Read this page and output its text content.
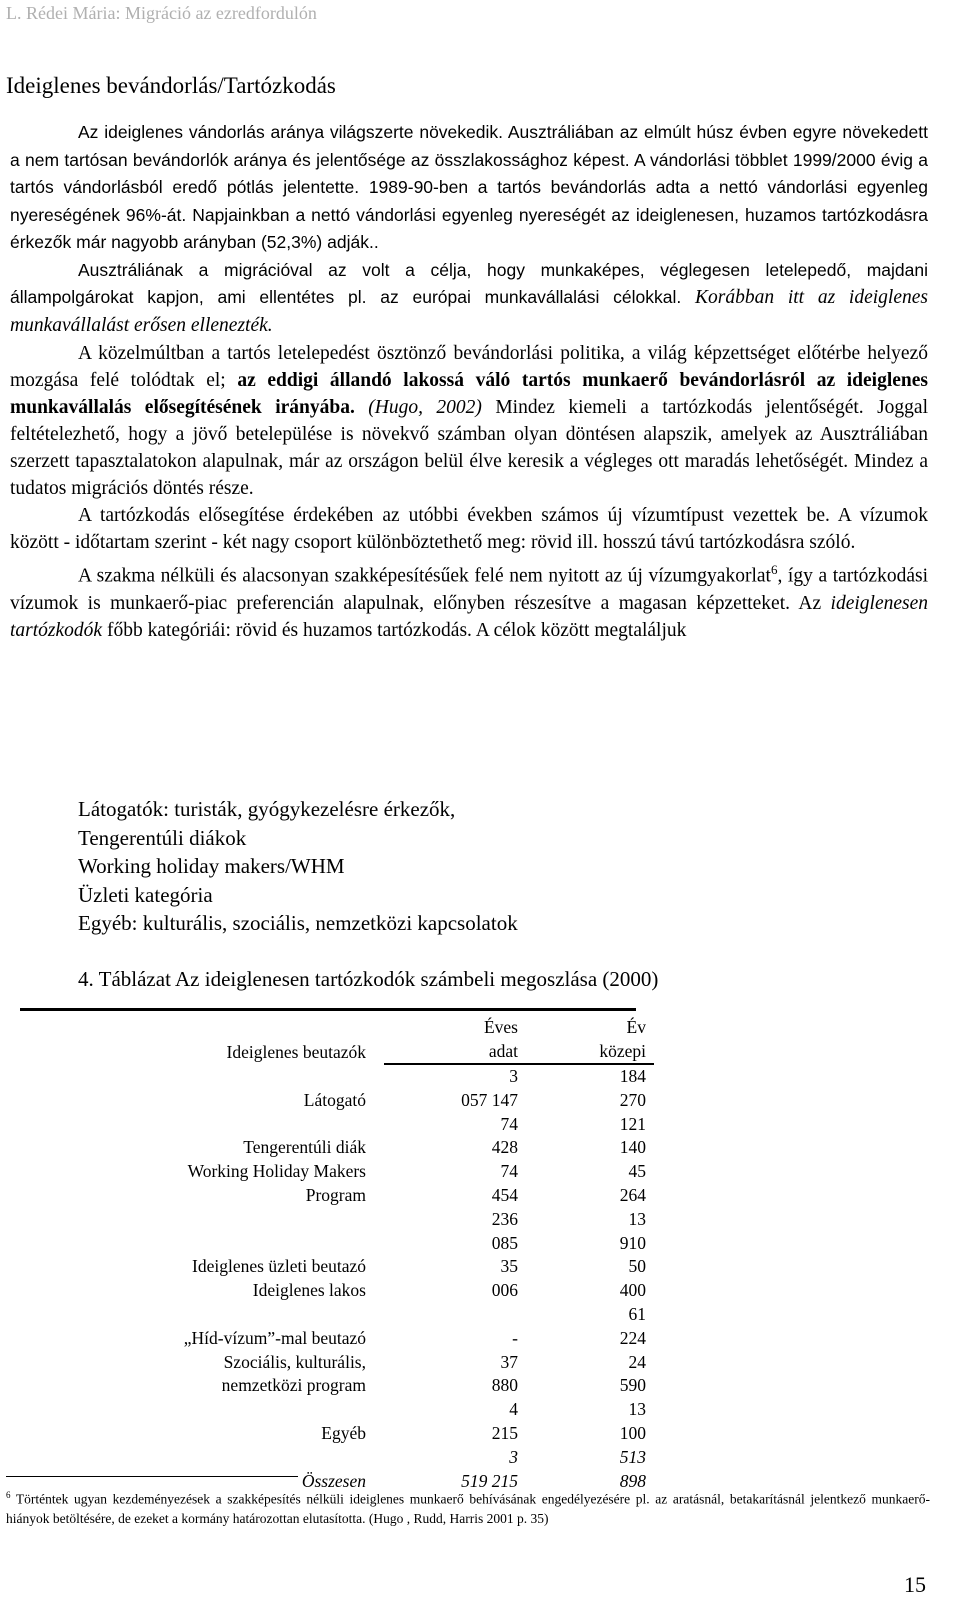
L. Rédei Mária: Migráció az ezredfordulón
Ideiglenes bevándorlás/Tartózkodás

Az ideiglenes vándorlás aránya világszerte növekedik. Ausztráliában az elmúlt húsz évben egyre növekedett a nem tartósan bevándorlók aránya és jelentősége az összlakossághoz képest. A vándorlási többlet 1999/2000 évig a tartós vándorlásból eredő pótlás jelentette. 1989-90-ben a tartós bevándorlás adta a nettó vándorlási egyenleg nyereségének 96%-át. Napjainkban a nettó vándorlási egyenleg nyereségét az ideiglenesen, huzamos tartózkodásra érkezők már nagyobb arányban (52,3%) adják..

Ausztráliának a migrációval az volt a célja, hogy munkaképes, véglegesen letelepedő, majdani állampolgárokat kapjon, ami ellentétes pl. az európai munkavállalási célokkal. Korábban itt az ideiglenes munkavállalást erősen ellenezték.

A közelmúltban a tartós letelepedést ösztönző bevándorlási politika, a világ képzettséget előtérbe helyező mozgása felé tolódtak el; az eddigi állandó lakossá váló tartós munkaerő bevándorlásról az ideiglenes munkavállalás elősegítésének irányába. (Hugo, 2002) Mindez kiemeli a tartózkodás jelentőségét. Joggal feltételezhető, hogy a jövő betelepülése is növekvő számban olyan döntésen alapszik, amelyek az Ausztráliában szerzett tapasztalatokon alapulnak, már az országon belül élve keresik a végleges ott maradás lehetőségét. Mindez a tudatos migrációs döntés része.

A tartózkodás elősegítése érdekében az utóbbi években számos új vízumtípust vezettek be. A vízumok között - időtartam szerint - két nagy csoport különböztethető meg: rövid ill. hosszú távú tartózkodásra szóló.

A szakma nélküli és alacsonyan szakképesítésűek felé nem nyitott az új vízumgyakorlat$^6$, így a tartózkodási vízumok is munkaerő-piac preferencián alapulnak, előnyben részesítve a magasan képzetteket. Az ideiglenesen tartózkodók főbb kategóriái: rövid és huzamos tartózkodás. A célok között megtaláljuk

Látogatók: turisták, gyógykezelésre érkezők,
Tengerentúli diákok
Working holiday makers/WHM
Üzleti kategória
Egyéb: kulturális, szociális, nemzetközi kapcsolatok
4. Táblázat Az ideiglenesen tartózkodók számbeli megoszlása (2000)
		Éves	Év
Ideiglenes beutazók		adat	közepi
		3	184
Látogató		057 147	270
		74	121
Tengerentúli diák		428	140
Working Holiday Makers		74	45
Program		454	264
		236	13
		085	910
Ideiglenes üzleti beutazó		35	50
Ideiglenes lakos		006	400
			61
„Híd-vízum”-mal beutazó		-	224
Szociális, kulturális,		37	24
nemzetközi program		880	590
		4	13
Egyéb		215	100
		3	513
Összesen		519 215	898
$^6$ Történtek ugyan kezdeményezések a szakképesítés nélküli ideiglenes munkaerő behívásának engedélyezésére pl. az aratásnál, betakarításnál jelentkező munkaerő-hiányok betöltésére, de ezeket a kormány határozottan elutasította. (Hugo , Rudd, Harris 2001 p. 35)
15
